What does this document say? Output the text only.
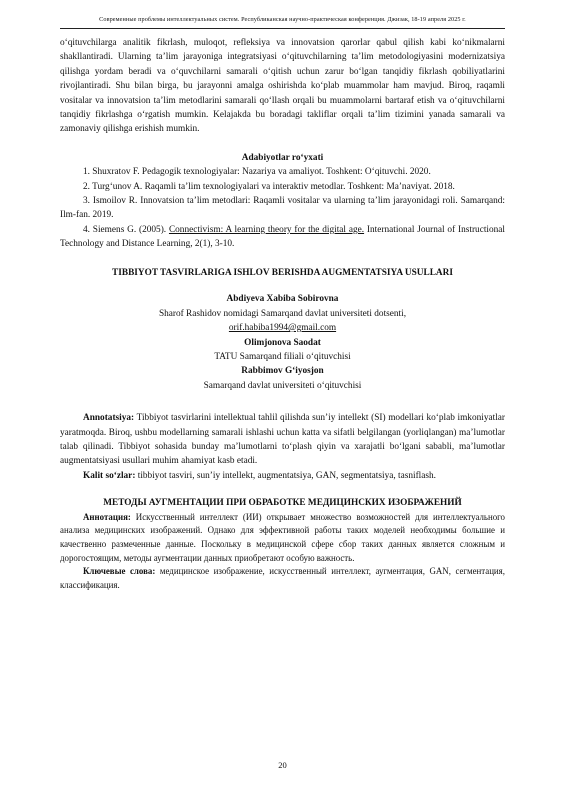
Современные проблемы интеллектуальных систем. Республиканская научно-практическая конференция. Джизак, 18-19 апреля 2025 г.

o‘qituvchilarga analitik fikrlash, muloqot, refleksiya va innovatsion qarorlar qabul qilish kabi ko‘nikmalarni shakllantiradi. Ularning ta’lim jarayoniga integratsiyasi o‘qituvchilarning ta’lim metodologiyasini modernizatsiya qilishga yordam beradi va o‘quvchilarni samarali o‘qitish uchun zarur bo‘lgan tanqidiy fikrlash qobiliyatlarini rivojlantiradi. Shu bilan birga, bu jarayonni amalga oshirishda ko‘plab muammolar ham mavjud. Biroq, raqamli vositalar va innovatsion ta’lim metodlarini samarali qo‘llash orqali bu muammolarni bartaraf etish va o‘qituvchilarni tanqidiy fikrlashga o‘rgatish mumkin. Kelajakda bu boradagi takliflar orqali ta’lim tizimini yanada samarali va zamonaviy qilishga erishish mumkin.

Adabiyotlar ro‘yxati

1. Shuxratov F. Pedagogik texnologiyalar: Nazariya va amaliyot. Toshkent: O‘qituvchi. 2020.

2. Turg‘unov A. Raqamli ta’lim texnologiyalari va interaktiv metodlar. Toshkent: Ma’naviyat. 2018.

3. Ismoilov R. Innovatsion ta’lim metodlari: Raqamli vositalar va ularning ta’lim jarayonidagi roli. Samarqand: Ilm-fan. 2019.

4. Siemens G. (2005). Connectivism: A learning theory for the digital age. International Journal of Instructional Technology and Distance Learning, 2(1), 3-10.

TIBBIYOT TASVIRLARIGA ISHLOV BERISHDA AUGMENTATSIYA USULLARI

Abdiyeva Xabiba Sobirovna
Sharof Rashidov nomidagi Samarqand davlat universiteti dotsenti,
orif.habiba1994@gmail.com
Olimjonova Saodat
TATU Samarqand filiali o‘qituvchisi
Rabbimov G‘iyosjon
Samarqand davlat universiteti o‘qituvchisi

Annotatsiya: Tibbiyot tasvirlarini intellektual tahlil qilishda sun’iy intellekt (SI) modellari ko‘plab imkoniyatlar yaratmoqda. Biroq, ushbu modellarning samarali ishlashi uchun katta va sifatli belgilangan (yorliqlangan) ma’lumotlar talab qilinadi. Tibbiyot sohasida bunday ma’lumotlarni to‘plash qiyin va xarajatli bo‘lgani sababli, ma’lumotlar augmentatsiyasi usullari muhim ahamiyat kasb etadi.

Kalit so‘zlar: tibbiyot tasviri, sun’iy intellekt, augmentatsiya, GAN, segmentatsiya, tasniflash.

МЕТОДЫ АУГМЕНТАЦИИ ПРИ ОБРАБОТКЕ МЕДИЦИНСКИХ ИЗОБРАЖЕНИЙ

Аннотация: Искусственный интеллект (ИИ) открывает множество возможностей для интеллектуального анализа медицинских изображений. Однако для эффективной работы таких моделей необходимы большие и качественно размеченные данные. Поскольку в медицинской сфере сбор таких данных является сложным и дорогостоящим, методы аугментации данных приобретают особую важность.

Ключевые слова: медицинское изображение, искусственный интеллект, аугментация, GAN, сегментация, классификация.

20
